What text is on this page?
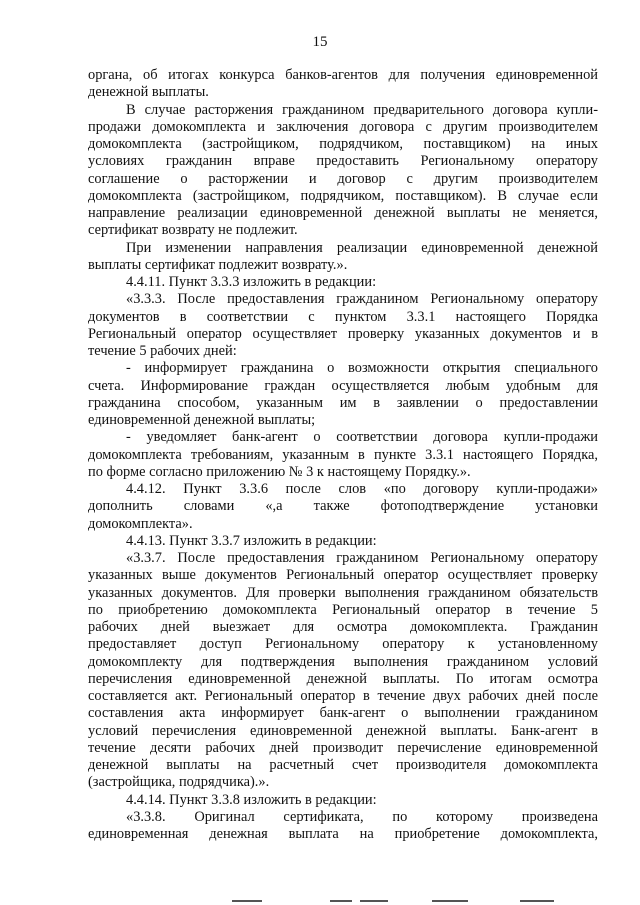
15
органа, об итогах конкурса банков-агентов для получения единовременной
денежной выплаты.
В случае расторжения гражданином предварительного договора купли-
продажи домокомплекта и заключения договора с другим производителем
домокомплекта (застройщиком, подрядчиком, поставщиком) на иных
условиях гражданин вправе предоставить Региональному оператору
соглашение о расторжении и договор с другим производителем
домокомплекта (застройщиком, подрядчиком, поставщиком). В случае если
направление реализации единовременной денежной выплаты не меняется,
сертификат возврату не подлежит.
При изменении направления реализации единовременной денежной
выплаты сертификат подлежит возврату.».
4.4.11. Пункт 3.3.3 изложить в редакции:
«3.3.3. После предоставления гражданином Региональному оператору
документов в соответствии с пунктом 3.3.1 настоящего Порядка
Региональный оператор осуществляет проверку указанных документов и в
течение 5 рабочих дней:
- информирует гражданина о возможности открытия специального
счета. Информирование граждан осуществляется любым удобным для
гражданина способом, указанным им в заявлении о предоставлении
единовременной денежной выплаты;
- уведомляет банк-агент о соответствии договора купли-продажи
домокомплекта требованиям, указанным в пункте 3.3.1 настоящего Порядка,
по форме согласно приложению № 3 к настоящему Порядку.».
4.4.12. Пункт 3.3.6 после слов «по договору купли-продажи»
дополнить словами «,а также фотоподтверждение установки
домокомплекта».
4.4.13. Пункт 3.3.7 изложить в редакции:
«3.3.7. После предоставления гражданином Региональному оператору
указанных выше документов Региональный оператор осуществляет проверку
указанных документов. Для проверки выполнения гражданином обязательств
по приобретению домокомплекта Региональный оператор в течение 5
рабочих дней выезжает для осмотра домокомплекта. Гражданин
предоставляет доступ Региональному оператору к установленному
домокомплекту для подтверждения выполнения гражданином условий
перечисления единовременной денежной выплаты. По итогам осмотра
составляется акт. Региональный оператор в течение двух рабочих дней после
составления акта информирует банк-агент о выполнении гражданином
условий перечисления единовременной денежной выплаты. Банк-агент в
течение десяти рабочих дней производит перечисление единовременной
денежной выплаты на расчетный счет производителя домокомплекта
(застройщика, подрядчика).».
4.4.14. Пункт 3.3.8 изложить в редакции:
«3.3.8. Оригинал сертификата, по которому произведена
единовременная денежная выплата на приобретение домокомплекта,
